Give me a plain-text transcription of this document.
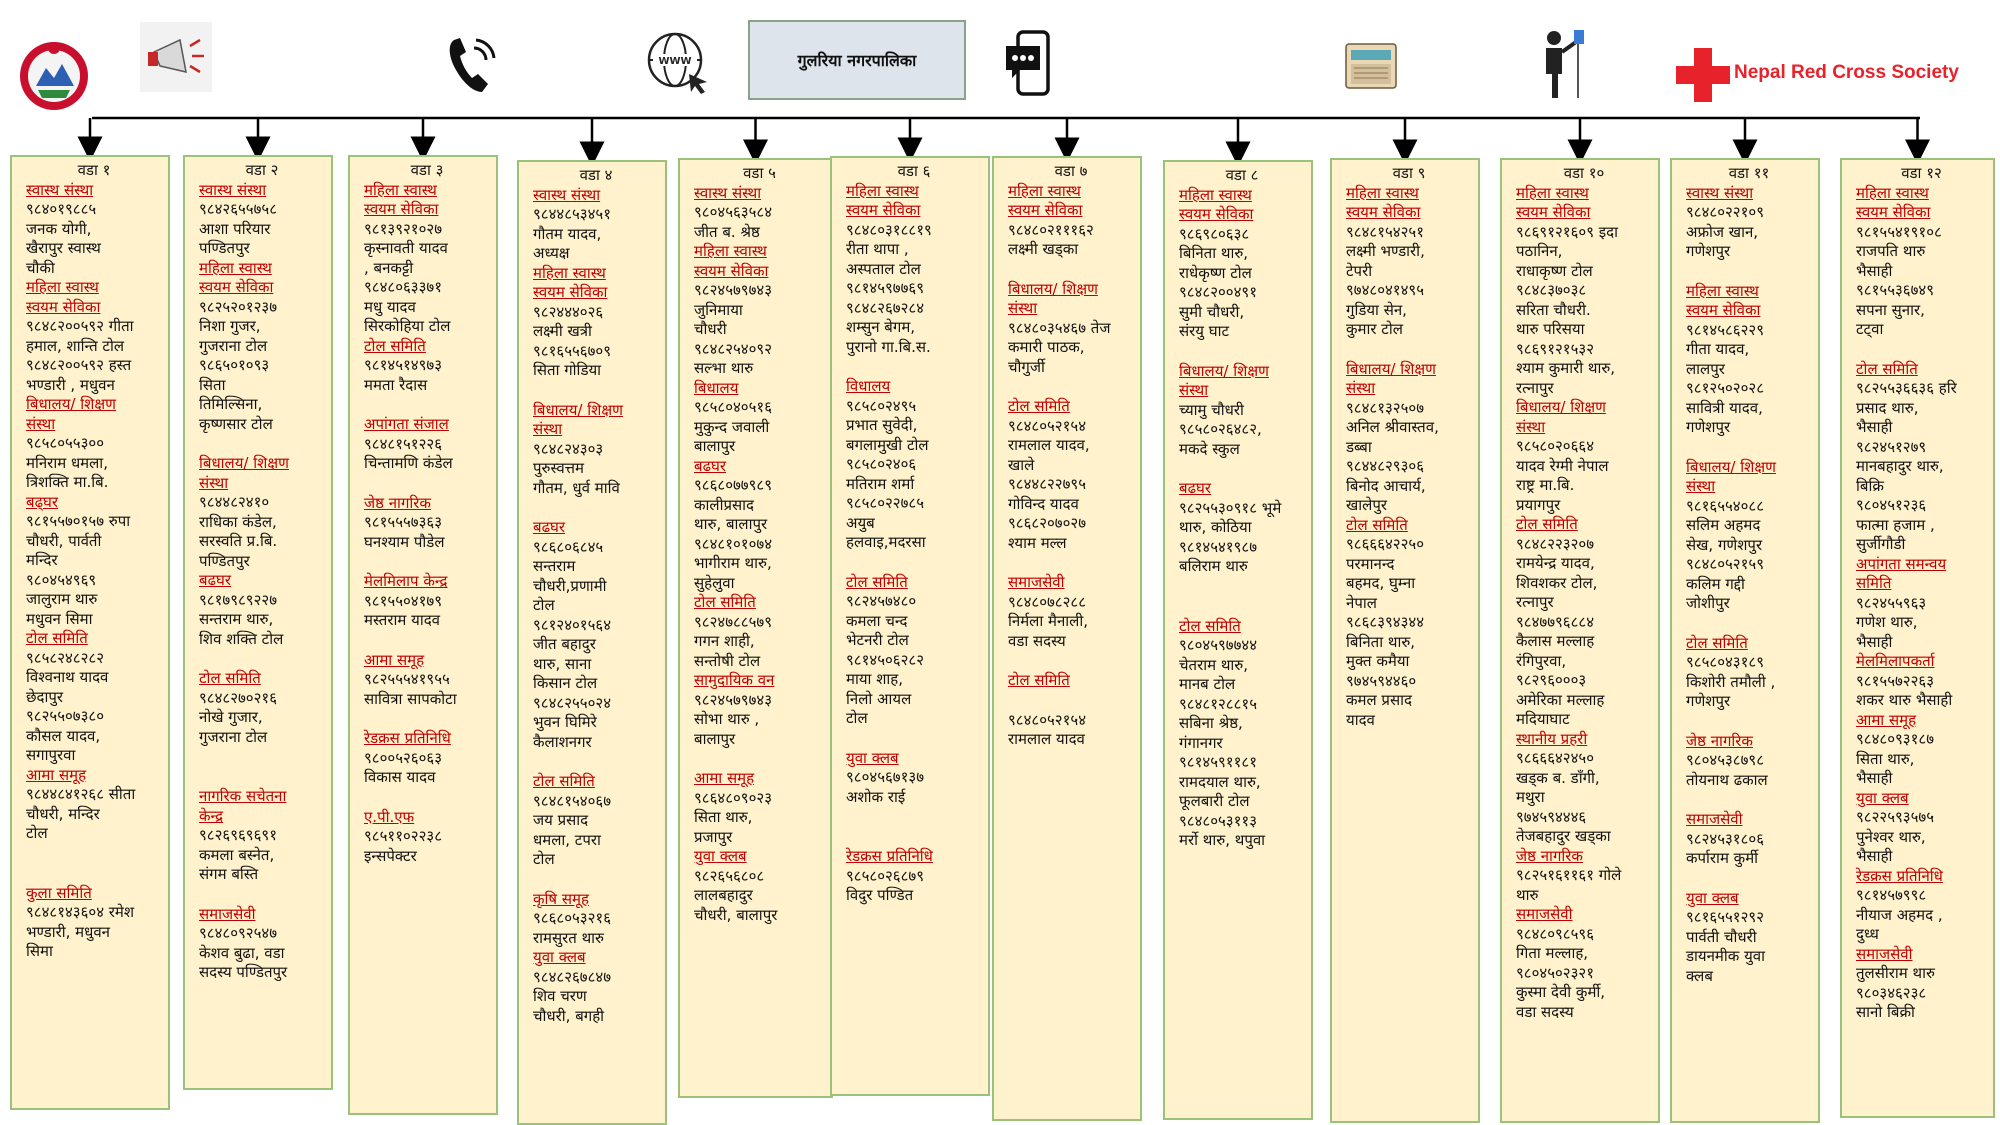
WWW	गुलरिया नगरपालिका
Nepal Red Cross Society
वडा १
स्वास्थ संस्था
९८४०१९८८५
जनक योगी,
खैरापुर स्वास्थ
चौकी
महिला स्वास्थ
स्वयम सेविका
९८४८२००५९२ गीता
हमाल, शान्ति टोल
९८४८२००५९२ हस्त
भण्डारी , मधुवन
बिधालय/ शिक्षण
संस्था
९८५८०५५३००
मनिराम धमला,
त्रिशक्ति मा.बि.
बढ्घर
९८१५५७०१५७ रुपा
चौधरी, पार्वती
मन्दिर
९८०४५४९६९
जालुराम थारु
मधुवन सिमा
टोल समिति
९८५८२४८२८२
विश्वनाथ यादव
छेदापुर
९८२५५०७३८०
कौसल यादव,
सगापुरवा
आमा समूह
९८४४८४१२६८ सीता
चौधरी, मन्दिर
टोल
कुला समिति
९८४८१४३६०४ रमेश
भण्डारी, मधुवन
सिमा
वडा २
स्वास्थ संस्था
९८४२६५५७५८
आशा परियार
पण्डितपुर
महिला स्वास्थ
स्वयम सेविका
९८२५२०१२३७
निशा गुजर,
गुजराना टोल
९८६५०१०९३
सिता
तिमिल्सिना,
कृष्णसार टोल
बिधालय/ शिक्षण
संस्था
९८४४८२४१०
राधिका कंडेल,
सरस्वति प्र.बि.
पण्डितपुर
बढघर
९८१७९८९२२७
सन्तराम थारु,
शिव शक्ति टोल
टोल समिति
९८४८२७०२१६
नोखे गुजार,
गुजराना टोल
नागरिक सचेतना
केन्द्र
९८२६९६९६९१
कमला बस्नेत,
संगम बस्ति
समाजसेवी
९८४८०९२५४७
केशव बुढा, वडा
सदस्य पण्डितपुर
वडा ३
महिला स्वास्थ
स्वयम सेविका
९८१३९२१०२७
कृस्नावती यादव
, बनकट्टी
९८४८०६३३७१
मधु यादव
सिरकोहिया टोल
टोल समिति
९८१४५१४९७३
ममता रैदास
अपांगता संजाल
९८४८१५१२२६
चिन्तामणि कंडेल
जेष्ठ नागरिक
९८१५५५७३६३
घनश्याम पौडेल
मेलमिलाप केन्द्र
९८१५५०४१७९
मस्तराम यादव
आमा समूह
९८२५५५४१९५५
सावित्रा सापकोटा
रेडक्रस प्रतिनिधि
९८००५२६०६३
विकास यादव
ए.पी.एफ
९८५११०२२३८
इन्सपेक्टर
वडा ४
स्वास्थ संस्था
९८४४८५३४५१
गौतम यादव,
अध्यक्ष
महिला स्वास्थ
स्वयम सेविका
९८२४४४०२६
लक्ष्मी खत्री
९८१६५५६७०९
सिता गोडिया
बिधालय/ शिक्षण
संस्था
९८४८२४३०३
पुरुस्वत्तम
गौतम, धुर्व मावि
बढघर
९८६८०६८४५
सन्तराम
चौधरी,प्रणामी
टोल
९८१२४०१५६४
जीत बहादुर
थारु, साना
किसान टोल
९८४८२५५०२४
भुवन घिमिरे
कैलाशनगर
टोल समिति
९८४८१५४०६७
जय प्रसाद
धमला, टपरा
टोल
कृषि समूह
९८६८०५३२१६
रामसुरत थारु
युवा क्लब
९८४८२६७८४७
शिव चरण
चौधरी, बगही
वडा ५
स्वास्थ संस्था
९८०४५६३५८४
जीत ब. श्रेष्ठ
महिला स्वास्थ
स्वयम सेविका
९८२४५७९७४३
जुनिमाया
चौधरी
९८४८२५४०९२
सल्भा थारु
बिधालय
९८५८०४०५१६
मुकुन्द जवाली
बालापुर
बढघर
९८६८०७७९८९
कालीप्रसाद
थारु, बालापुर
९८४८१०१०७४
भागीराम थारु,
सुहेलुवा
टोल समिति
९८२४७८८५७९
गगन शाही,
सन्तोषी टोल
सामुदायिक वन
९८२४५७९७४३
सोभा थारु ,
बालापुर
आमा समूह
९८६४८०९०२३
सिता थारु,
प्रजापुर
युवा क्लब
९८२६५६८०८
लालबहादुर
चौधरी, बालापुर
वडा ६
महिला स्वास्थ
स्वयम सेविका
९८४८०३१८८१९
रीता थापा ,
अस्पताल टोल
९८१४५९७७६९
९८४८२६७२८४
शम्सुन बेगम,
पुरानो गा.बि.स.
विधालय
९८५८०२४९५
प्रभात सुवेदी,
बगलामुखी टोल
९८५८०२४०६
मतिराम शर्मा
९८५८०२२७८५
अयुब
हलवाइ,मदरसा
टोल समिति
९८२४५७४८०
कमला चन्द
भेटनरी टोल
९८१४५०६२८२
माया शाह,
निलो आयल
टोल
युवा क्लब
९८०४५६७१३७
अशोक राई
रेडक्रस प्रतिनिधि
९८५८०२६८७९
विदुर पण्डित
वडा ७
महिला स्वास्थ
स्वयम सेविका
९८४८०२१११६२
लक्ष्मी खड्का
बिधालय/ शिक्षण
संस्था
९८४८०३५४६७ तेज
कमारी पाठक,
चौगुर्जी
टोल समिति
९८४८०५२१५४
रामलाल यादव,
खाले
९८४४८२२७९५
गोविन्द यादव
९८६८२०७०२७
श्याम मल्ल
समाजसेवी
९८४८०७८२८८
निर्मला मैनाली,
वडा सदस्य
टोल समिति
९८४८०५२१५४
रामलाल यादव
वडा ८
महिला स्वास्थ
स्वयम सेविका
९८६९८०६३८
बिनिता थारु,
राधेकृष्ण टोल
९८४८२००४९१
सुमी चौधरी,
संरयु घाट
बिधालय/ शिक्षण
संस्था
च्यामु चौधरी
९८५८०२६४८२,
मकदे स्कुल
बढघर
९८२५५३०९१८ भूमे
थारु, कोठिया
९८१४५४१९८७
बलिराम थारु
टोल समिति
९८०४५९७७४४
चेतराम थारु,
मानब टोल
९८४८१२८८१५
सबिना श्रेष्ठ,
गंगानगर
९८१४५९११८१
रामदयाल थारु,
फूलबारी टोल
९८४८०५३११३
मर्रो थारु, थपुवा
वडा ९
महिला स्वास्थ
स्वयम सेविका
९८४८१५४२५१
लक्ष्मी भण्डारी,
टेपरी
९७४८०४१४९५
गुडिया सेन,
कुमार टोल
बिधालय/ शिक्षण
संस्था
९८४८१३२५०७
अनिल श्रीवास्तव,
डब्बा
९८४४८२९३०६
बिनोद आचार्य,
खालेपुर
टोल समिति
९८६६६४२२५०
परमानन्द
बहमद, घुम्ना
नेपाल
९८६८३९४३४४
बिनिता थारु,
मुक्त कमैया
९७४५९४४६०
कमल प्रसाद
यादव
वडा १०
महिला स्वास्थ
स्वयम सेविका
९८६९१२१६०९ इदा
पठानिन,
राधाकृष्ण टोल
९८४८३७०३८
सरिता चौधरी.
थारु परिसया
९८६९१२१५३२
श्याम कुमारी थारु,
रत्नापुर
बिधालय/ शिक्षण
संस्था
९८५८०२०६६४
यादव रेग्मी नेपाल
राष्ट्र मा.बि.
प्रयागपुर
टोल समिति
९८४८२२३२०७
रामयेन्द्र यादव,
शिवशकर टोल,
रत्नापुर
९८४७७९६८८४
कैलास मल्लाह
रंगिपुरवा,
९८२९६०००३
अमेरिका मल्लाह
मदियाघाट
स्थानीय प्रहरी
९८६६६४२४५०
खड्क ब. डाँगी,
मथुरा
९७४५९४४४६
तेजबहादुर खड्का
जेष्ठ नागरिक
९८२५१६११६१ गोले
थारु
समाजसेवी
९८४८०९८५९६
गिता मल्लाह,
९८०४५०२३२१
कुस्मा देवी कुर्मी,
वडा सदस्य
वडा ११
स्वास्थ संस्था
९८४८०२२१०९
अफ्रोज खान,
गणेशपुर
महिला स्वास्थ
स्वयम सेविका
९८१४५८६२२९
गीता यादव,
लालपुर
९८१२५०२०२८
सावित्री यादव,
गणेशपुर
बिधालय/ शिक्षण
संस्था
९८१६५५४०८८
सलिम अहमद
सेख, गणेशपुर
९८४८०५२१५९
कलिम गद्दी
जोशीपुर
टोल समिति
९८५८०४३१८९
किशोरी तमौली ,
गणेशपुर
जेष्ठ नागरिक
९८०४५३८७९८
तोयनाथ ढकाल
समाजसेवी
९८२४५३१८०६
कर्पाराम कुर्मी
युवा क्लब
९८१६५५१२९२
पार्वती चौधरी
डायनमीक युवा
क्लब
वडा १२
महिला स्वास्थ
स्वयम सेविका
९८१५५४१९१०८
राजपति थारु
भैसाही
९८१५५३६७४९
सपना सुनार,
टट्वा
टोल समिति
९८२५५३६६३६ हरि
प्रसाद थारु,
भैसाही
९८२४५१२७९
मानबहादुर थारु,
बिक्रि
९८०४५१२३६
फात्मा हजाम ,
सुर्जीगौडी
अपांगता समन्वय
समिति
९८२४५५९६३
गणेश थारु,
भैसाही
मेलमिलापकर्ता
९८१५५७२२६३
शकर थारु भैसाही
आमा समूह
९८४८०९३१८७
सिता थारु,
भैसाही
युवा क्लब
९८२२५९३५७५
पुनेश्वर थारु,
भैसाही
रेडक्रस प्रतिनिधि
९८१४५७९९८
नीयाज अहमद ,
दुध्ध
समाजसेवी
तुलसीराम थारु
९८०३४६२३८
सानो बिक्री
